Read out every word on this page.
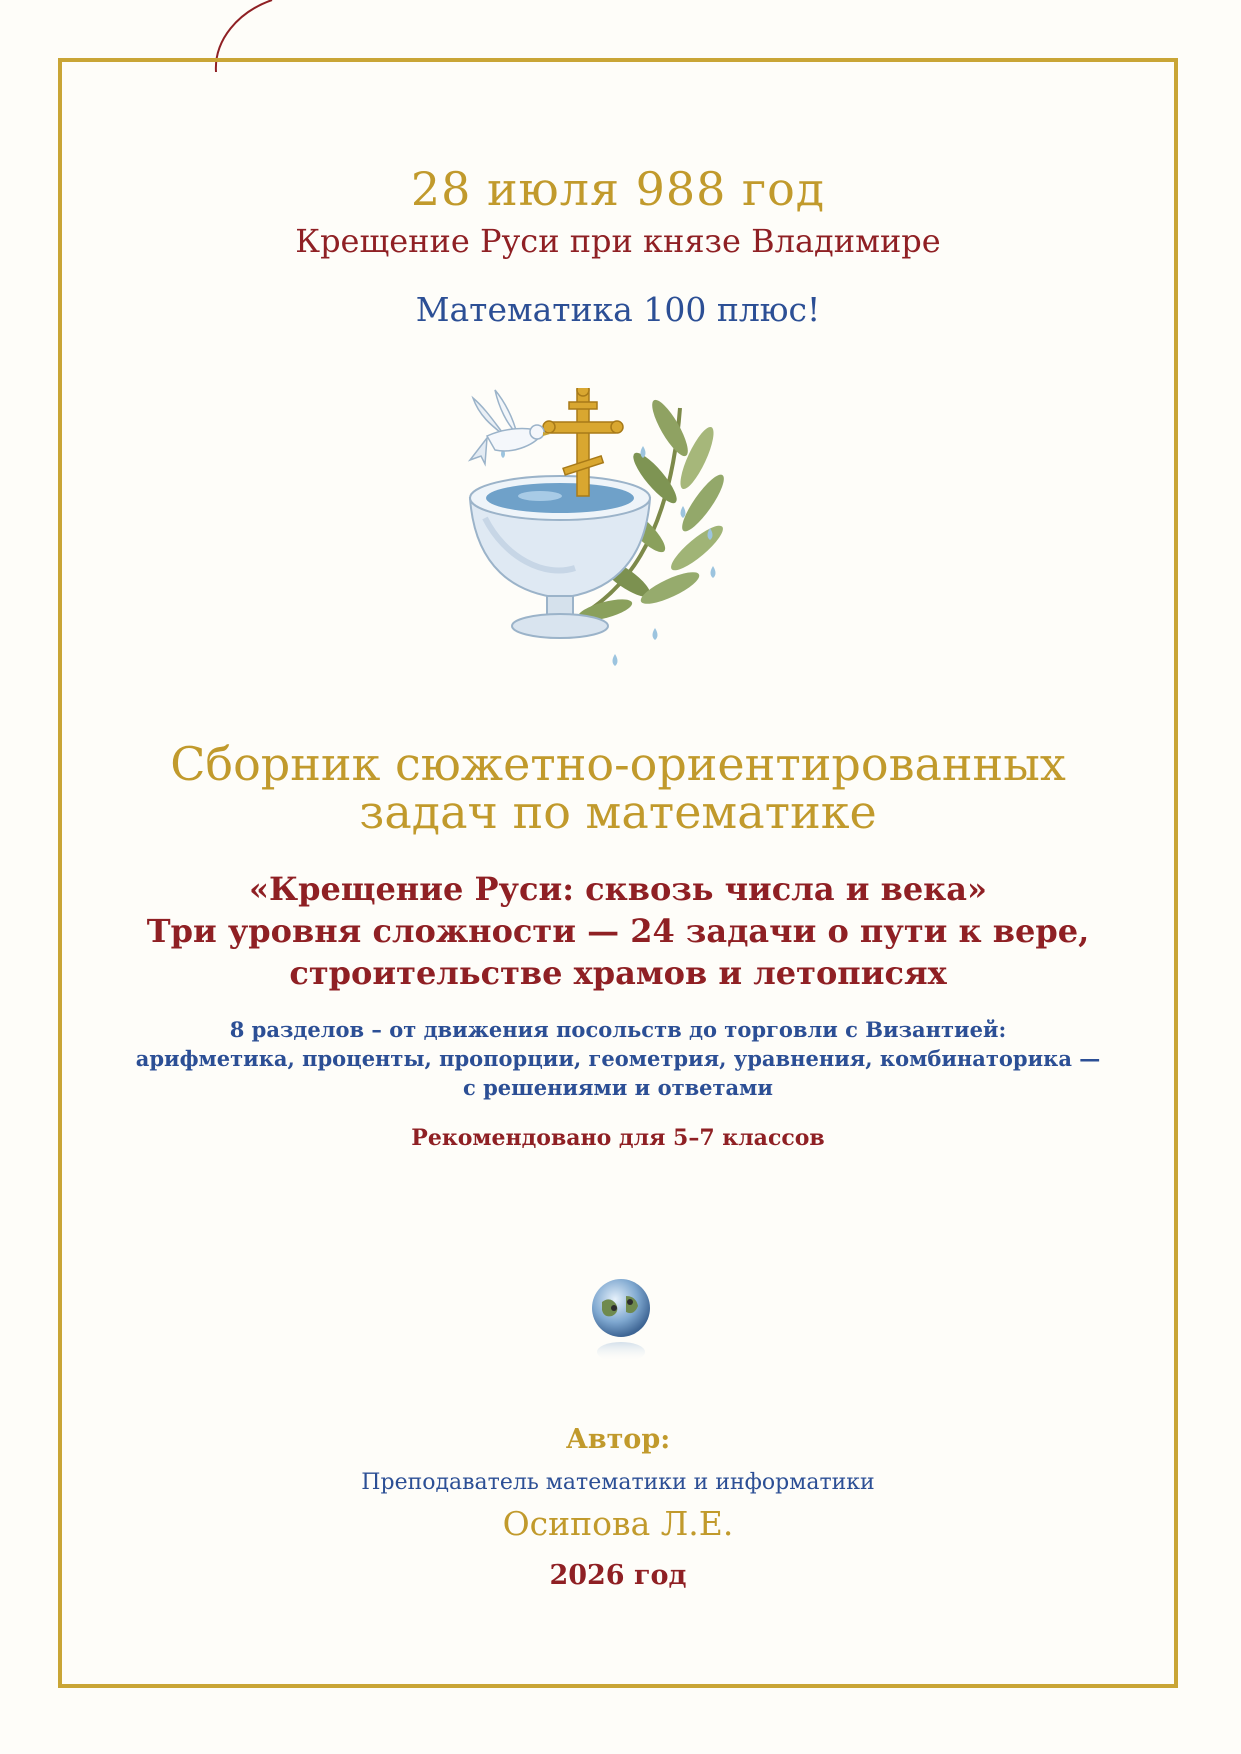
28 июля 988 год
Крещение Руси при князе Владимире
Математика 100 плюс!
Сборник сюжетно-ориентированных
задач по математике
«Крещение Руси: сквозь числа и века»
Три уровня сложности — 24 задачи о пути к вере,
строительстве храмов и летописях
8 разделов – от движения посольств до торговли с Византией:
арифметика, проценты, пропорции, геометрия, уравнения, комбинаторика —
с решениями и ответами
Рекомендовано для 5–7 классов
Автор:
Преподаватель математики и информатики
Осипова Л.Е.
2026 год
